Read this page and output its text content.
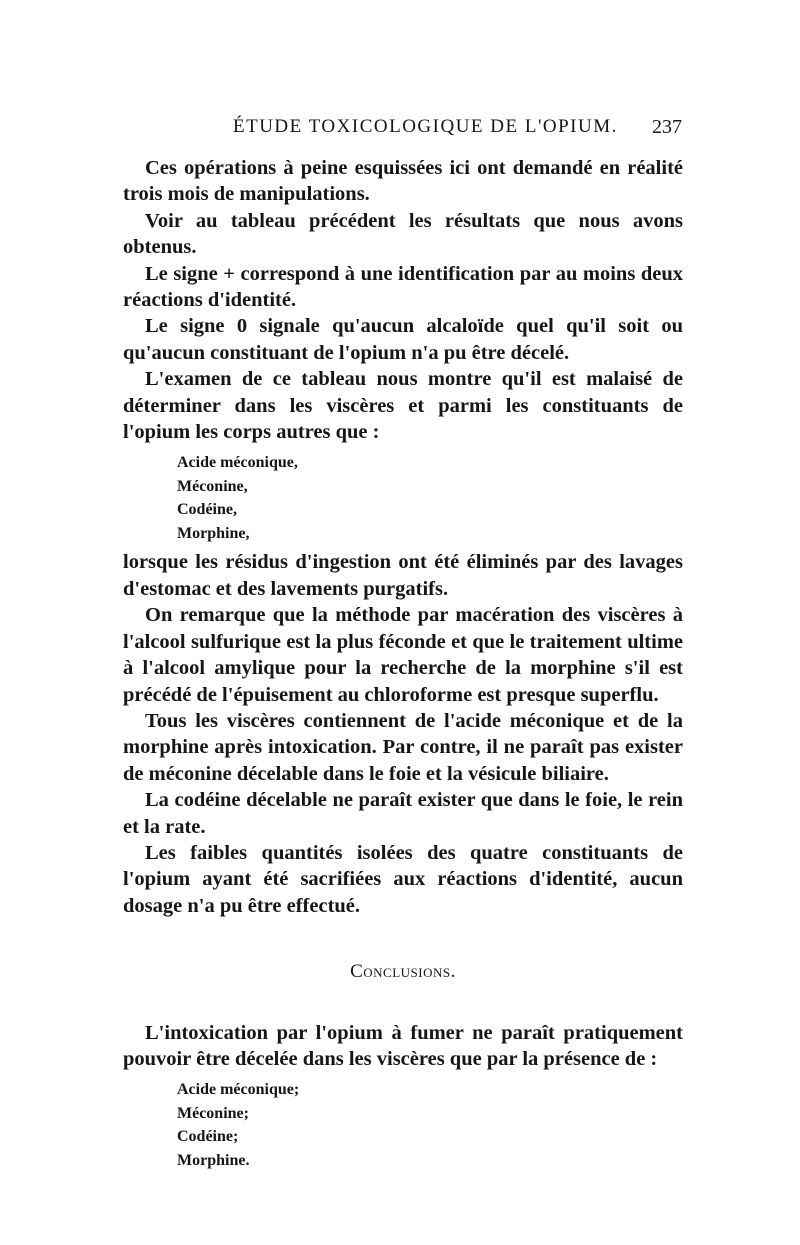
ÉTUDE TOXICOLOGIQUE DE L'OPIUM. 237

Ces opérations à peine esquissées ici ont demandé en réalité trois mois de manipulations.

Voir au tableau précédent les résultats que nous avons obtenus.

Le signe + correspond à une identification par au moins deux réactions d'identité.

Le signe 0 signale qu'aucun alcaloïde quel qu'il soit ou qu'aucun constituant de l'opium n'a pu être décelé.

L'examen de ce tableau nous montre qu'il est malaisé de déterminer dans les viscères et parmi les constituants de l'opium les corps autres que :

Acide méconique,
Méconine,
Codéine,
Morphine,

lorsque les résidus d'ingestion ont été éliminés par des lavages d'estomac et des lavements purgatifs.

On remarque que la méthode par macération des viscères à l'alcool sulfurique est la plus féconde et que le traitement ultime à l'alcool amylique pour la recherche de la morphine s'il est précédé de l'épuisement au chloroforme est presque superflu.

Tous les viscères contiennent de l'acide méconique et de la morphine après intoxication. Par contre, il ne paraît pas exister de méconine décelable dans le foie et la vésicule biliaire.

La codéine décelable ne paraît exister que dans le foie, le rein et la rate.

Les faibles quantités isolées des quatre constituants de l'opium ayant été sacrifiées aux réactions d'identité, aucun dosage n'a pu être effectué.

Conclusions.

L'intoxication par l'opium à fumer ne paraît pratiquement pouvoir être décelée dans les viscères que par la présence de :

Acide méconique;
Méconine;
Codéine;
Morphine.
